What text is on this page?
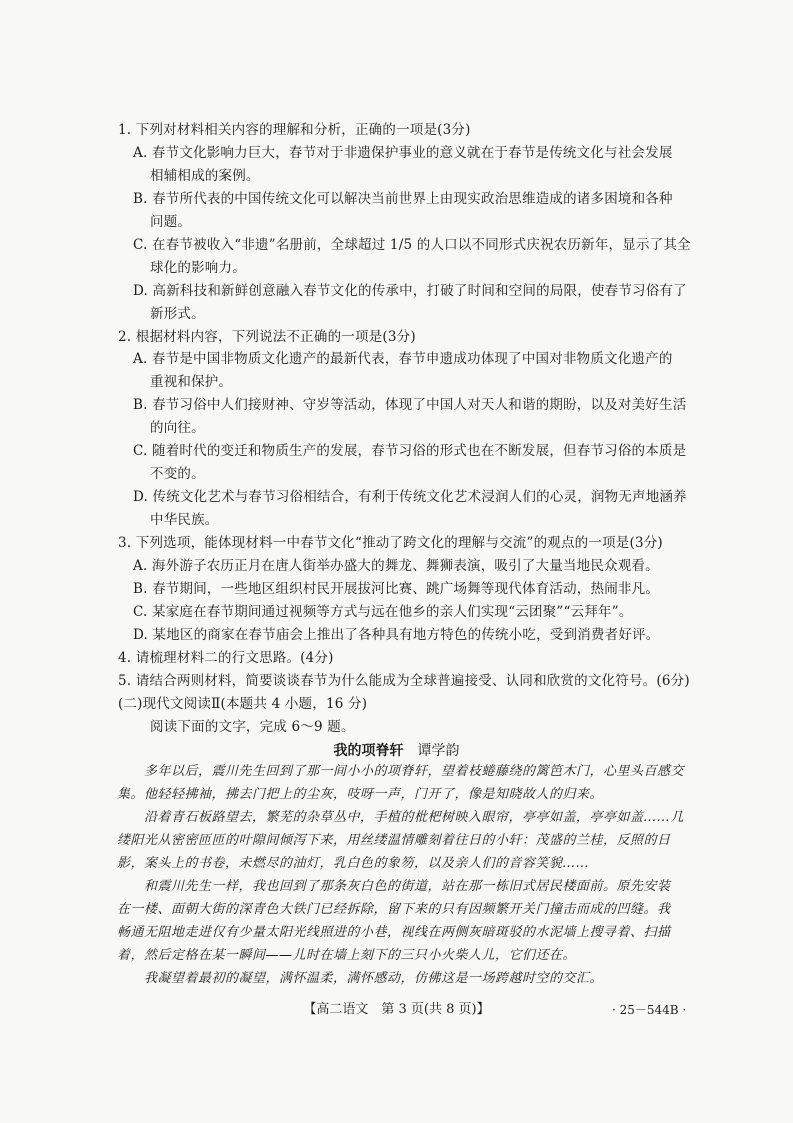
1. 下列对材料相关内容的理解和分析，正确的一项是(3分)
A. 春节文化影响力巨大，春节对于非遗保护事业的意义就在于春节是传统文化与社会发展
相辅相成的案例。
B. 春节所代表的中国传统文化可以解决当前世界上由现实政治思维造成的诸多困境和各种
问题。
C. 在春节被收入“非遗”名册前，全球超过 1/5 的人口以不同形式庆祝农历新年，显示了其全
球化的影响力。
D. 高新科技和新鲜创意融入春节文化的传承中，打破了时间和空间的局限，使春节习俗有了
新形式。
2. 根据材料内容，下列说法不正确的一项是(3分)
A. 春节是中国非物质文化遗产的最新代表，春节申遗成功体现了中国对非物质文化遗产的
重视和保护。
B. 春节习俗中人们接财神、守岁等活动，体现了中国人对天人和谐的期盼，以及对美好生活
的向往。
C. 随着时代的变迁和物质生产的发展，春节习俗的形式也在不断发展，但春节习俗的本质是
不变的。
D. 传统文化艺术与春节习俗相结合，有利于传统文化艺术浸润人们的心灵，润物无声地涵养
中华民族。
3. 下列选项，能体现材料一中春节文化“推动了跨文化的理解与交流”的观点的一项是(3分)
A. 海外游子农历正月在唐人街举办盛大的舞龙、舞狮表演，吸引了大量当地民众观看。
B. 春节期间，一些地区组织村民开展拔河比赛、跳广场舞等现代体育活动，热闹非凡。
C. 某家庭在春节期间通过视频等方式与远在他乡的亲人们实现“云团聚”“云拜年”。
D. 某地区的商家在春节庙会上推出了各种具有地方特色的传统小吃，受到消费者好评。
4. 请梳理材料二的行文思路。(4分)
5. 请结合两则材料，简要谈谈春节为什么能成为全球普遍接受、认同和欣赏的文化符号。(6分)
(二)现代文阅读Ⅱ(本题共 4 小题，16 分)
阅读下面的文字，完成 6～9 题。
我的项脊轩 谭学韵
多年以后，震川先生回到了那一间小小的项脊轩，望着枝蜷藤绕的篱笆木门，心里头百感交
集。他轻轻拂袖，拂去门把上的尘灰，吱呀一声，门开了，像是知晓故人的归来。
沿着青石板路望去，繁芜的杂草丛中，手植的枇杷树映入眼帘，亭亭如盖，亭亭如盖……几
缕阳光从密密匝匝的叶隙间倾泻下来，用丝缕温情雕刻着往日的小轩：茂盛的兰桂，反照的日
影，案头上的书卷，未燃尽的油灯，乳白色的象笏，以及亲人们的音容笑貌……
和震川先生一样，我也回到了那条灰白色的街道，站在那一栋旧式居民楼面前。原先安装
在一楼、面朝大街的深青色大铁门已经拆除，留下来的只有因频繁开关门撞击而成的凹缝。我
畅通无阻地走进仅有少量太阳光线照进的小巷，视线在两侧灰暗斑驳的水泥墙上搜寻着、扫描
着，然后定格在某一瞬间——儿时在墙上刻下的三只小火柴人儿，它们还在。
我凝望着最初的凝望，满怀温柔，满怀感动，仿佛这是一场跨越时空的交汇。
【高二语文　第 3 页(共 8 页)】	· 25－544B ·
